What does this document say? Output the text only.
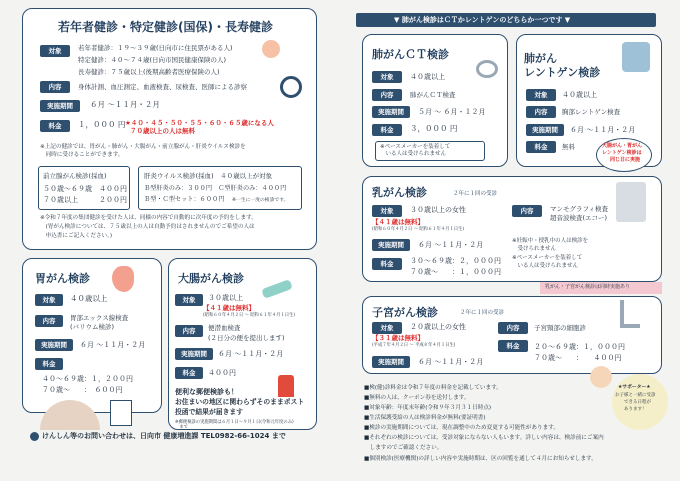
若年者健診・特定健診(国保)・長寿健診
対象	若年者健診：１９～３９歳(日向市に住民票がある人)
特定健診：４０～７４歳(日向市国民健康保険の人)
長寿健診：７５歳以上(後期高齢者医療保険の人)
内容	身体計測、血圧測定、血液検査、尿検査、医師による診察
実施期間	６月 ～１１月・２月
料金	１，０００ 円 ★４０・４５・５０・５５・６０・６５歳になる人
７０歳以上の人は無料
※上記の健診では、胃がん・肺がん・大腸がん・前立腺がん・肝炎ウイルス検診を
　同時に受けることができます。
前立腺がん検診(採血)
５０歳～６９歳　４００円
７０歳以上　　　２００円
肝炎ウイルス検診(採血)　４０歳以上が対象
Ｂ型肝炎のみ：３００円　Ｃ型肝炎のみ：４００円
Ｂ型・Ｃ型セット：６００円 ※一生に一度の検診です。
※令和７年度の集団健診を受けた人は、同様の内容で自動的に次年度の予約をします。
　(胃がん検診については、７５歳以上の人は自動予約はされませんのでご希望の人は
　申込書にご記入ください。)
胃がん検診
対象	４０歳以上
内容	胃部エックス線検査
(バリウム検診)
実施期間	６月 ～１１月・２月
料金
４０～６９歳：１，２００円
７０歳～　　：　６００円
大腸がん検診
対象	３０歳以上
【４１歳は無料】
(昭和６０年４月２日 ～ 昭和６１年４月１日生)
内容	便潜血検査
(２日分の便を提出します)
実施期間	６月 ～１１月・２月
料金	４００円
便利な郵便検診も！
お住まいの地区に関わらずそのままポスト
投函で結果が届きます
※郵便検診の実施期間は６月１日～９月１日(令和元年度のみ)
　まで
けんしん等のお問い合わせは、日向市 健康増進課 TEL0982-66-1024 まで
▼ 肺がん検診はＣＴかレントゲンのどちらか一つです ▼
肺がんＣＴ検診
対象	４０歳以上
内容	肺がんＣＴ検査
実施期間	５月 ～ ６月・１２月
料金	３，０００ 円
※ペースメーカーを装着して
　いる人は受けられません
肺がん
レントゲン検診
対象	４０歳以上
内容	胸部レントゲン検査
実施期間	６月 ～１１月・２月
料金	無料	大腸がん・胃がん
レントゲン検診は
同じ日に実施
乳がん検診	２年に１回の受診
対象	３０歳以上の女性
【４１歳は無料】
(昭和６０年４月２日 ～ 昭和６１年４月１日生)
内容	マンモグラフィ検査
超音波検査(エコー)
実施期間	６月 ～１１月・２月
料金	３０～６９歳：２，０００円
７０歳～　　：１，０００円
※妊娠中・授乳中の人は検診を
　受けられません
※ペースメーカーを装着して
　いる人は受けられません
乳がん・子宮がん検診は同時実施あり
子宮がん検診	２年に１回の受診
対象	２０歳以上の女性
【３１歳は無料】
(平成７年４月２日 ～ 平成８年４月１日生)
内容	子宮頸部の細胞診
実施期間	６月 ～１１月・２月
料金	２０～６９歳：１，０００円
７０歳～　　：　　４００円
■検(健)診料金は令和７年度の料金を記載しています。
■無料の人は、クーポン券を送付します。
■対象年齢：年度末年齢(令和９年３月３１日時点)
■生活保護受給の人は検診料金が無料(要証明書)
■検診の実施期間については、現在調整中のため変更する可能性があります。
■それぞれの検診については、受診対象にならない人もいます。詳しい内容は、検診前にご案内
　しますのでご確認ください。
■個別検診(医療機関)の詳しい内容や実施時期は、区の回覧を通して４月にお知らせします。
★サポーター★
お子様と一緒に受診
できる日程が
あります！
